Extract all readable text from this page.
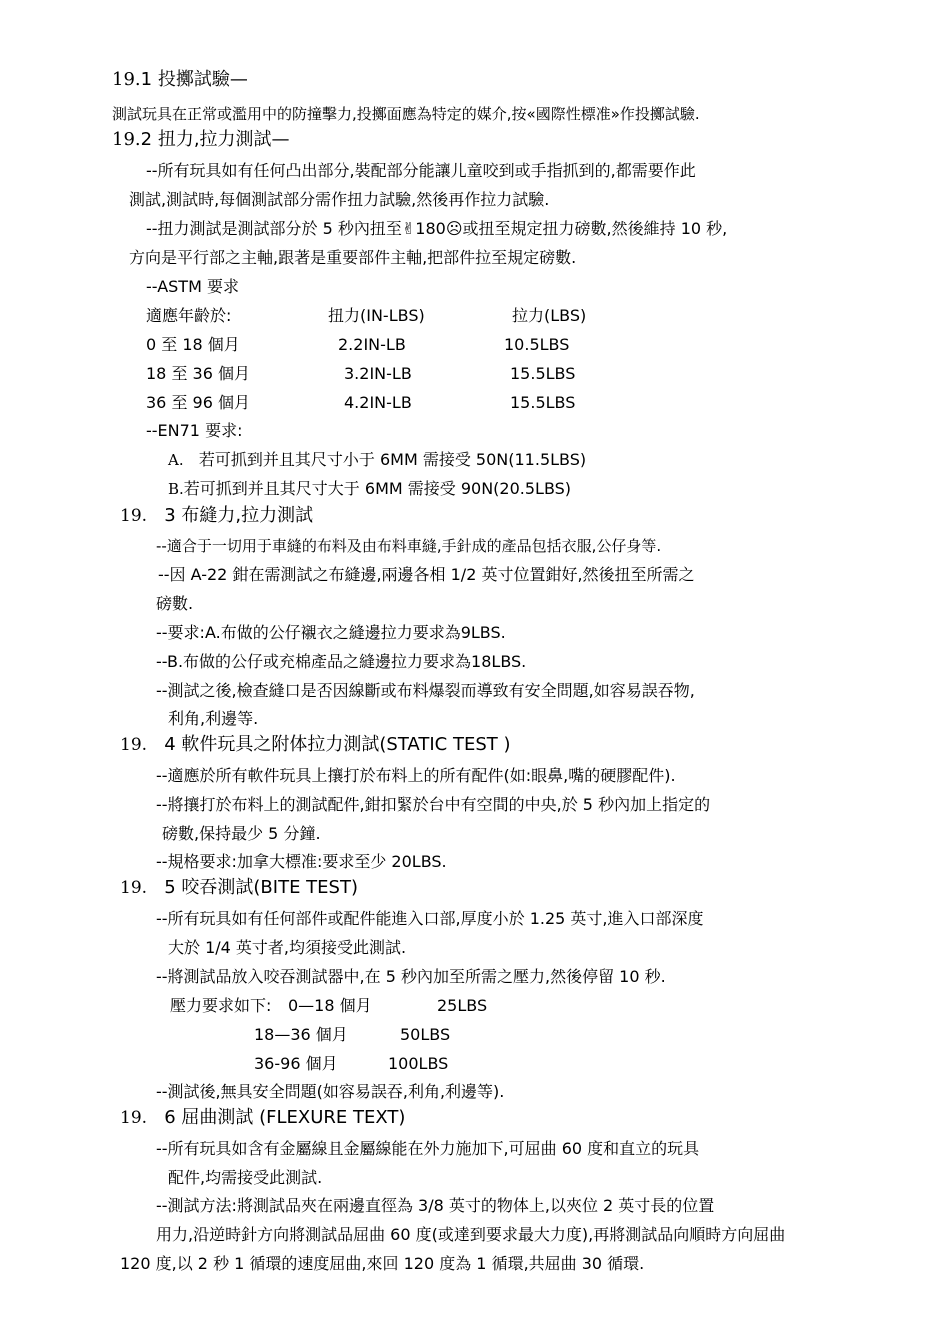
19.1 投擲試驗—
測試玩具在正常或濫用中的防撞擊力,投擲面應為特定的媒介,按«國際性標准»作投擲試驗.
19.2 扭力,拉力測試—
--所有玩具如有任何凸出部分,裝配部分能讓儿童咬到或手指抓到的,都需要作此
測試,測試時,每個測試部分需作扭力試驗,然後再作拉力試驗.
--扭力測試是測試部分於 5 秒內扭至✌180☹或扭至規定扭力磅數,然後維持 10 秒,
方向是平行部之主軸,跟著是重要部件主軸,把部件拉至規定磅數.
--ASTM 要求
適應年齡於:	扭力(IN-LBS)	拉力(LBS)
0 至 18 個月	2.2IN-LB	10.5LBS
18 至 36 個月	3.2IN-LB	15.5LBS
36 至 96 個月	4.2IN-LB	15.5LBS
--EN71 要求:
A. 若可抓到并且其尺寸小于 6MM 需接受 50N(11.5LBS)
B.若可抓到并且其尺寸大于 6MM 需接受 90N(20.5LBS)
19. 3 布縫力,拉力測試
--適合于一切用于車縫的布料及由布料車縫,手針成的產品包括衣服,公仔身等.
--因 A-22 鉗在需測試之布縫邊,兩邊各相 1/2 英寸位置鉗好,然後扭至所需之
磅數.
--要求:A.布做的公仔襯衣之縫邊拉力要求為9LBS.
--B.布做的公仔或充棉產品之縫邊拉力要求為18LBS.
--測試之後,檢查縫口是否因線斷或布料爆裂而導致有安全問題,如容易誤吞物,
利角,利邊等.
19. 4 軟件玩具之附体拉力測試(STATIC TEST )
--適應於所有軟件玩具上攘打於布料上的所有配件(如:眼鼻,嘴的硬膠配件).
--將攘打於布料上的測試配件,鉗扣緊於台中有空間的中央,於 5 秒內加上指定的
磅數,保持最少 5 分鐘.
--規格要求:加拿大標准:要求至少 20LBS.
19. 5 咬吞測試(BITE TEST)
--所有玩具如有任何部件或配件能進入口部,厚度小於 1.25 英寸,進入口部深度
大於 1/4 英寸者,均須接受此測試.
--將測試品放入咬吞測試器中,在 5 秒內加至所需之壓力,然後停留 10 秒.
壓力要求如下: 0—18 個月	25LBS
18—36 個月	50LBS
36-96 個月	100LBS
--測試後,無具安全問題(如容易誤吞,利角,利邊等).
19. 6 屈曲測試 (FLEXURE TEXT)
--所有玩具如含有金屬線且金屬線能在外力施加下,可屈曲 60 度和直立的玩具
配件,均需接受此測試.
--測試方法:將測試品夾在兩邊直徑為 3/8 英寸的物体上,以夾位 2 英寸長的位置
用力,沿逆時針方向將測試品屈曲 60 度(或達到要求最大力度),再將測試品向順時方向屈曲
120 度,以 2 秒 1 循環的速度屈曲,來回 120 度為 1 循環,共屈曲 30 循環.
